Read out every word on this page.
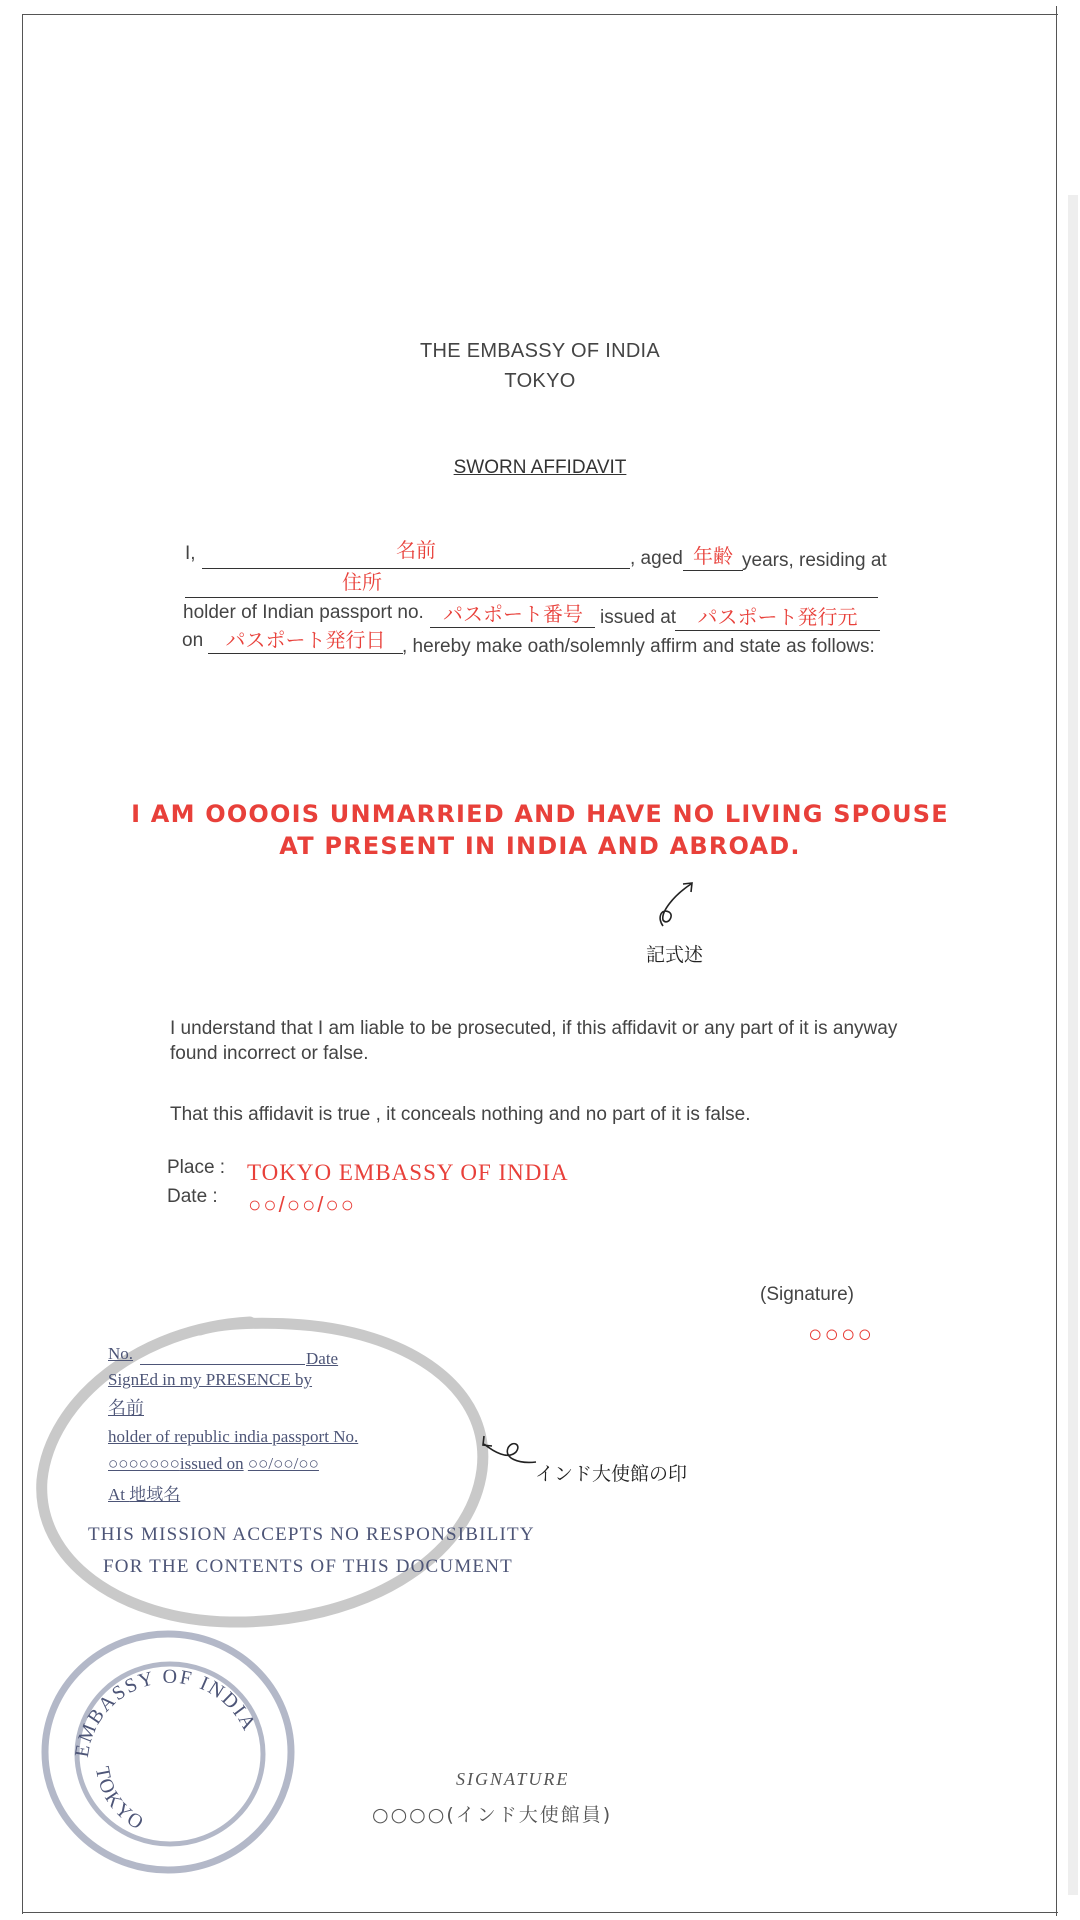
THE EMBASSY OF INDIA
TOKYO
SWORN AFFIDAVIT
I,	名前	, aged 年齢 years, residing at
住所
holder of Indian passport no. パスポート番号 issued at	パスポート発行元
on	パスポート発行日 , hereby make oath/solemnly affirm and state as follows:
I AM OOOOIS UNMARRIED AND HAVE NO LIVING SPOUSE
AT PRESENT IN INDIA AND ABROAD.
記式述
I understand that I am liable to be prosecuted, if this affidavit or any part of it is anyway
found incorrect or false.
That this affidavit is true , it conceals nothing and no part of it is false.
Place : TOKYO EMBASSY OF INDIA
Date : ○○/○○/○○
(Signature)
○○○○
No.	Date
SignEd in my PRESENCE by
名前
holder of republic india passport No.
○○○○○○○issued on ○○/○○/○○
At 地域名
インド大使館の印
THIS MISSION ACCEPTS NO RESPONSIBILITY
FOR THE CONTENTS OF THIS DOCUMENT
EMBASSY OF INDIA
TOKYO
SIGNATURE
○○○○(インド大使館員)
